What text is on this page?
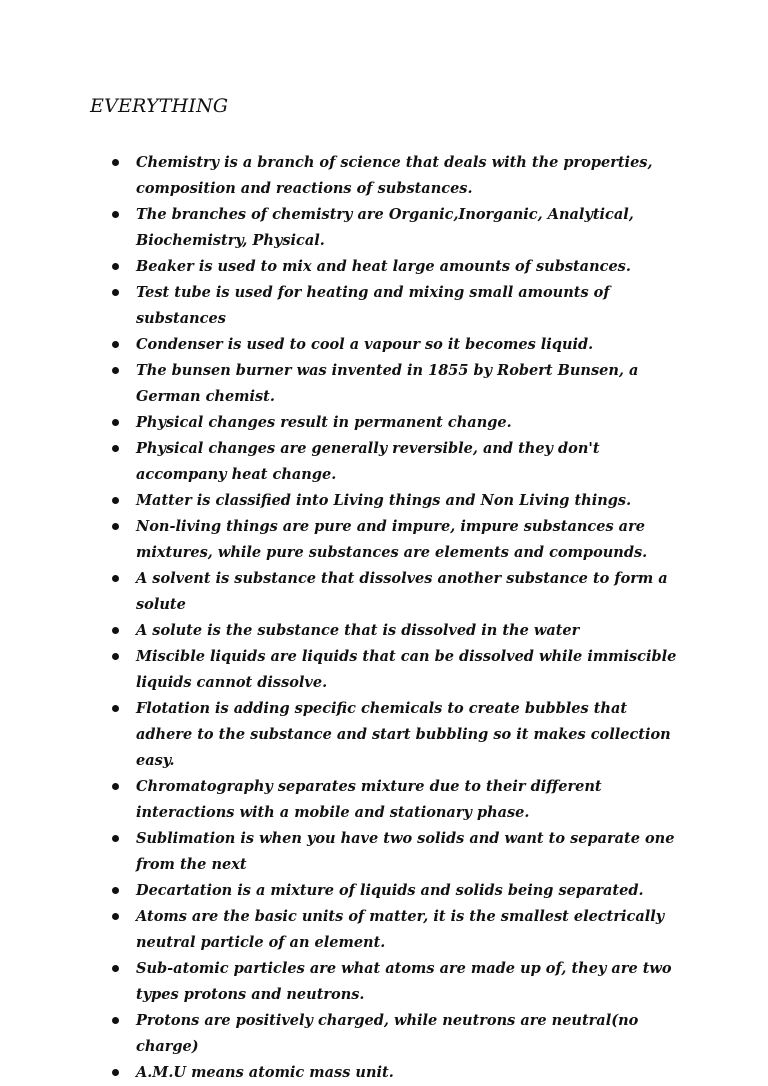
EVERYTHING
Chemistry is a branch of science that deals with the properties, composition and reactions of substances.
The branches of chemistry are Organic,Inorganic, Analytical, Biochemistry, Physical.
Beaker is used to mix and heat large amounts of substances.
Test tube is used for heating and mixing small amounts of substances
Condenser is used to cool a vapour so it becomes liquid.
The bunsen burner was invented in 1855 by Robert Bunsen, a German chemist.
Physical changes result in permanent change.
Physical changes are generally reversible, and they don't accompany heat change.
Matter is classified into Living things and Non Living things.
Non-living things are pure and impure, impure substances are mixtures, while pure substances are elements and compounds.
A solvent is substance that dissolves another substance to form a solute
A solute is the substance that is dissolved in the water
Miscible liquids are liquids that can be dissolved while immiscible liquids cannot dissolve.
Flotation is adding specific chemicals to create bubbles that adhere to the substance and start bubbling so it makes collection easy.
Chromatography separates mixture due to their different interactions with a mobile and stationary phase.
Sublimation is when you have two solids and want to separate one from the next
Decartation is a mixture of liquids and solids being separated.
Atoms are the basic units of matter, it is the smallest electrically neutral particle of an element.
Sub-atomic particles are what atoms are made up of, they are two types protons and neutrons.
Protons are positively charged, while neutrons are neutral(no charge)
A.M.U means atomic mass unit.
